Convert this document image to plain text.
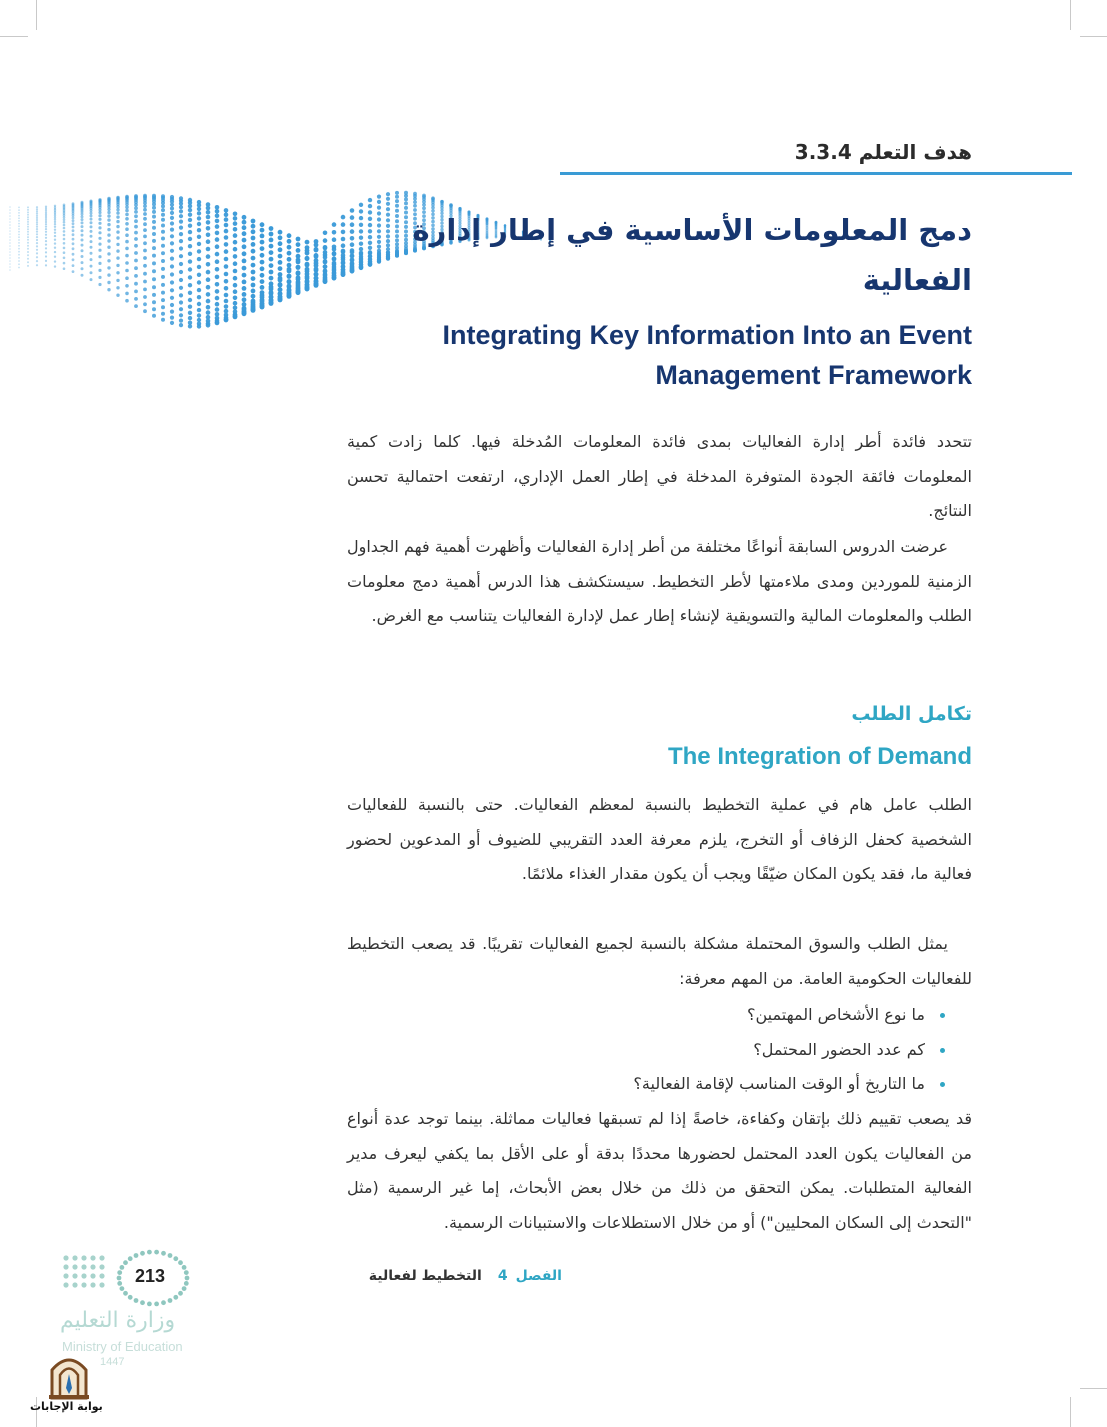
هدف التعلم 3.3.4
دمج المعلومات الأساسية في إطار إدارة
الفعالية
Integrating Key Information Into an Event
Management Framework
تتحدد فائدة أطر إدارة الفعاليات بمدى فائدة المعلومات المُدخلة فيها. كلما زادت كمية المعلومات فائقة الجودة المتوفرة المدخلة في إطار العمل الإداري، ارتفعت احتمالية تحسن النتائج.
عرضت الدروس السابقة أنواعًا مختلفة من أطر إدارة الفعاليات وأظهرت أهمية فهم الجداول الزمنية للموردين ومدى ملاءمتها لأطر التخطيط. سيستكشف هذا الدرس أهمية دمج معلومات الطلب والمعلومات المالية والتسويقية لإنشاء إطار عمل لإدارة الفعاليات يتناسب مع الغرض.
تكامل الطلب
The Integration of Demand
الطلب عامل هام في عملية التخطيط بالنسبة لمعظم الفعاليات. حتى بالنسبة للفعاليات الشخصية كحفل الزفاف أو التخرج، يلزم معرفة العدد التقريبي للضيوف أو المدعوين لحضور فعالية ما، فقد يكون المكان ضيّقًا ويجب أن يكون مقدار الغذاء ملائمًا.
يمثل الطلب والسوق المحتملة مشكلة بالنسبة لجميع الفعاليات تقريبًا. قد يصعب التخطيط للفعاليات الحكومية العامة. من المهم معرفة:
ما نوع الأشخاص المهتمين؟
كم عدد الحضور المحتمل؟
ما التاريخ أو الوقت المناسب لإقامة الفعالية؟
قد يصعب تقييم ذلك بإتقان وكفاءة، خاصةً إذا لم تسبقها فعاليات مماثلة. بينما توجد عدة أنواع من الفعاليات يكون العدد المحتمل لحضورها محددًا بدقة أو على الأقل بما يكفي ليعرف مدير الفعالية المتطلبات. يمكن التحقق من ذلك من خلال بعض الأبحاث، إما غير الرسمية (مثل "التحدث إلى السكان المحليين") أو من خلال الاستطلاعات والاستبيانات الرسمية.
الفصل4التخطيط لفعالية
213
وزارة التعليم
Ministry of Education
1447
بوابة الإجابات
